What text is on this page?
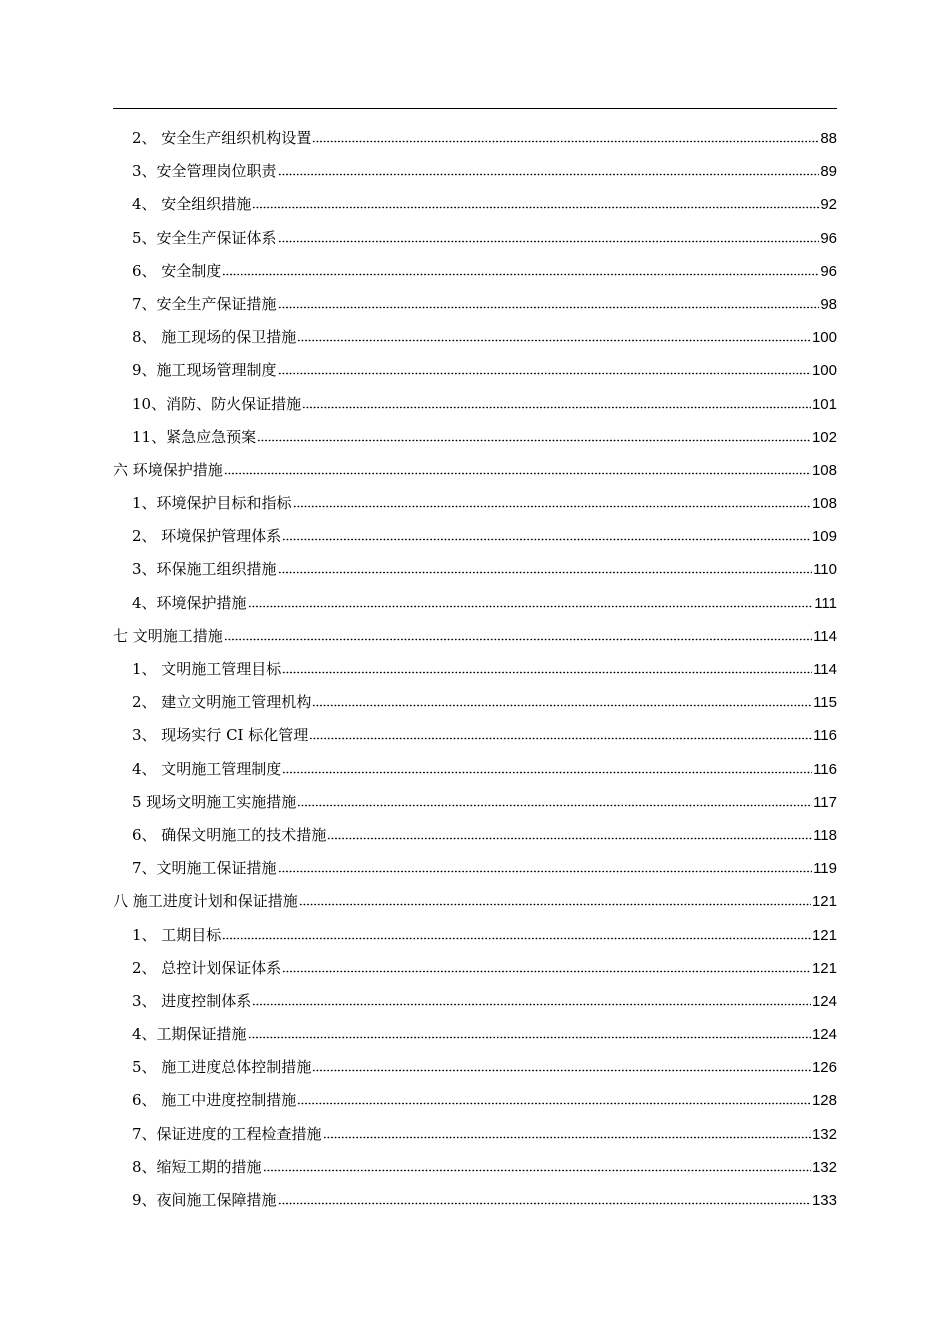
2、 安全生产组织机构设置	88
3、安全管理岗位职责	89
4、 安全组织措施	92
5、安全生产保证体系	96
6、 安全制度	96
7、安全生产保证措施	98
8、 施工现场的保卫措施	100
9、施工现场管理制度	100
10、消防、防火保证措施	101
11、紧急应急预案	102
六 环境保护措施	108
1、环境保护目标和指标	108
2、 环境保护管理体系	109
3、环保施工组织措施	110
4、环境保护措施	111
七 文明施工措施	114
1、 文明施工管理目标	114
2、 建立文明施工管理机构	115
3、 现场实行 CI 标化管理	116
4、 文明施工管理制度	116
5 现场文明施工实施措施	117
6、 确保文明施工的技术措施	118
7、文明施工保证措施	119
八 施工进度计划和保证措施	121
1、 工期目标	121
2、 总控计划保证体系	121
3、 进度控制体系	124
4、工期保证措施	124
5、 施工进度总体控制措施	126
6、 施工中进度控制措施	128
7、保证进度的工程检查措施	132
8、缩短工期的措施	132
9、夜间施工保障措施	133
